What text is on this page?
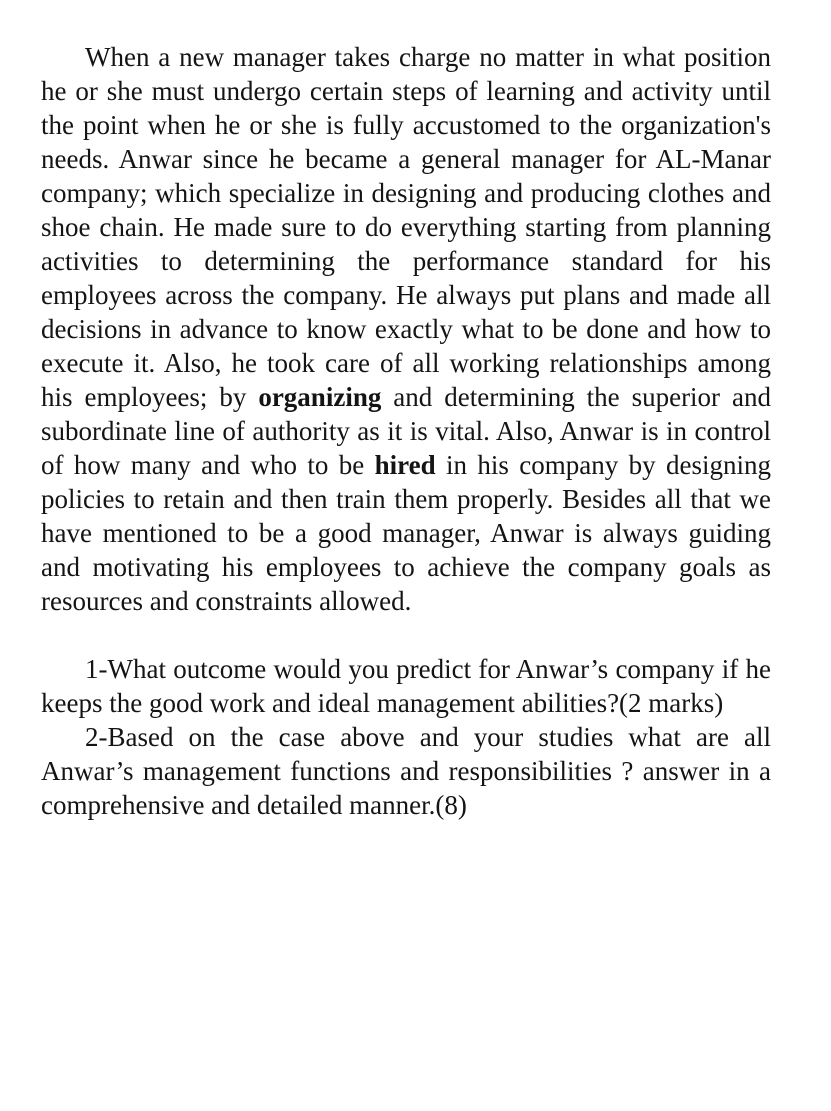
When a new manager takes charge no matter in what position he or she must undergo certain steps of learning and activity until the point when he or she is fully accustomed to the organization's needs. Anwar since he became a general manager for AL-Manar company; which specialize in designing and producing clothes and shoe chain. He made sure to do everything starting from planning activities to determining the performance standard for his employees across the company. He always put plans and made all decisions in advance to know exactly what to be done and how to execute it. Also, he took care of all working relationships among his employees; by organizing and determining the superior and subordinate line of authority as it is vital. Also, Anwar is in control of how many and who to be hired in his company by designing policies to retain and then train them properly. Besides all that we have mentioned to be a good manager, Anwar is always guiding and motivating his employees to achieve the company goals as resources and constraints allowed.

1-What outcome would you predict for Anwar’s company if he keeps the good work and ideal management abilities?(2 marks)

2-Based on the case above and your studies what are all Anwar’s management functions and responsibilities ? answer in a comprehensive and detailed manner.(8)
